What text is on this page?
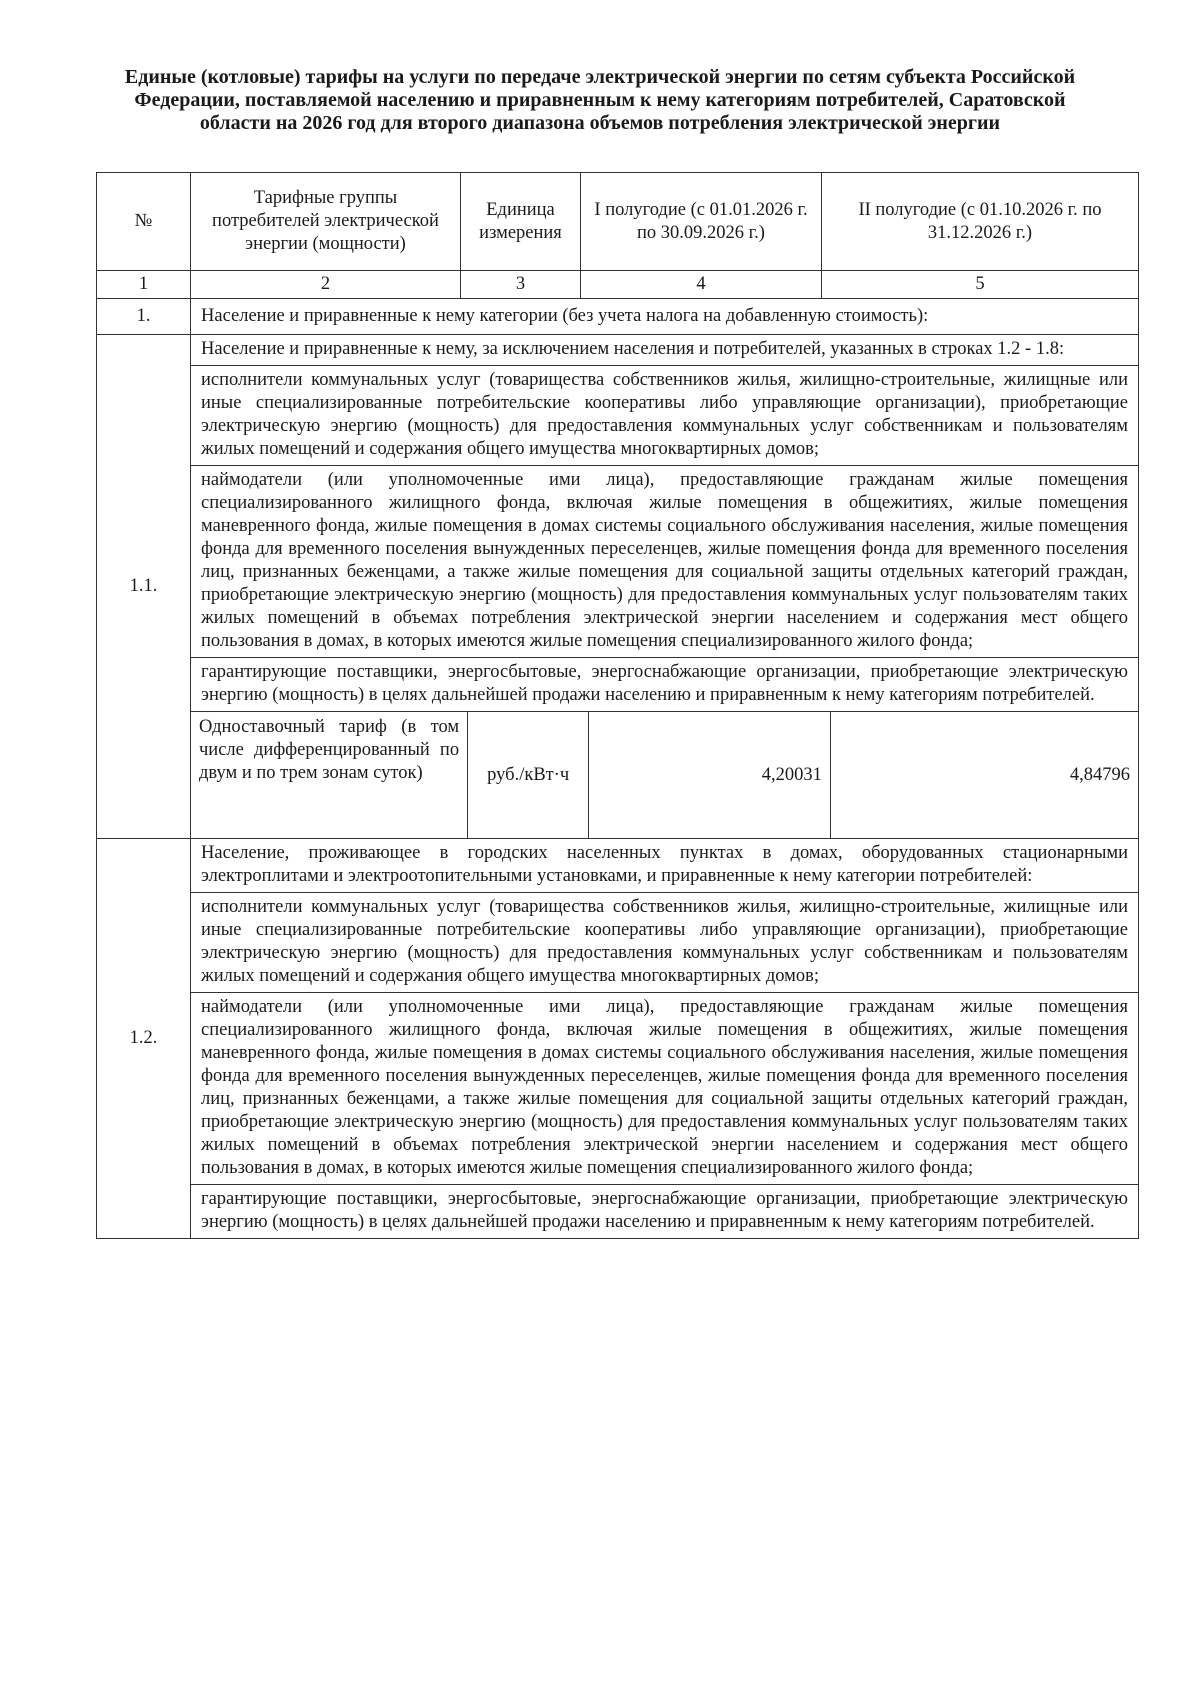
Единые (котловые) тарифы на услуги по передаче электрической энергии по сетям субъекта Российской Федерации, поставляемой населению и приравненным к нему категориям потребителей, Саратовской области на 2026 год для второго диапазона объемов потребления электрической энергии
№	Тарифные группы потребителей электрической энергии (мощности)	Единица измерения	I полугодие (с 01.01.2026 г. по 30.09.2026 г.)	II полугодие (с 01.10.2026 г. по 31.12.2026 г.)
1	2	3	4	5
1.	Население и приравненные к нему категории (без учета налога на добавленную стоимость):
1.1.	
Население и приравненные к нему, за исключением населения и потребителей, указанных в строках 1.2 - 1.8:
исполнители коммунальных услуг (товарищества собственников жилья, жилищно-строительные, жилищные или иные специализированные потребительские кооперативы либо управляющие организации), приобретающие электрическую энергию (мощность) для предоставления коммунальных услуг собственникам и пользователям жилых помещений и содержания общего имущества многоквартирных домов;
наймодатели (или уполномоченные ими лица), предоставляющие гражданам жилые помещения специализированного жилищного фонда, включая жилые помещения в общежитиях, жилые помещения маневренного фонда, жилые помещения в домах системы социального обслуживания населения, жилые помещения фонда для временного поселения вынужденных переселенцев, жилые помещения фонда для временного поселения лиц, признанных беженцами, а также жилые помещения для социальной защиты отдельных категорий граждан, приобретающие электрическую энергию (мощность) для предоставления коммунальных услуг пользователям таких жилых помещений в объемах потребления электрической энергии населением и содержания мест общего пользования в домах, в которых имеются жилые помещения специализированного жилого фонда;
гарантирующие поставщики, энергосбытовые, энергоснабжающие организации, приобретающие электрическую энергию (мощность) в целях дальнейшей продажи населению и приравненным к нему категориям потребителей.
Одноставочный тариф (в том числе дифференцированный по двум и по трем зонам суток)	руб./кВт·ч	4,20031	4,84796

1.2.	
Население, проживающее в городских населенных пунктах в домах, оборудованных стационарными электроплитами и электроотопительными установками, и приравненные к нему категории потребителей:
исполнители коммунальных услуг (товарищества собственников жилья, жилищно-строительные, жилищные или иные специализированные потребительские кооперативы либо управляющие организации), приобретающие электрическую энергию (мощность) для предоставления коммунальных услуг собственникам и пользователям жилых помещений и содержания общего имущества многоквартирных домов;
наймодатели (или уполномоченные ими лица), предоставляющие гражданам жилые помещения специализированного жилищного фонда, включая жилые помещения в общежитиях, жилые помещения маневренного фонда, жилые помещения в домах системы социального обслуживания населения, жилые помещения фонда для временного поселения вынужденных переселенцев, жилые помещения фонда для временного поселения лиц, признанных беженцами, а также жилые помещения для социальной защиты отдельных категорий граждан, приобретающие электрическую энергию (мощность) для предоставления коммунальных услуг пользователям таких жилых помещений в объемах потребления электрической энергии населением и содержания мест общего пользования в домах, в которых имеются жилые помещения специализированного жилого фонда;
гарантирующие поставщики, энергосбытовые, энергоснабжающие организации, приобретающие электрическую энергию (мощность) в целях дальнейшей продажи населению и приравненным к нему категориям потребителей.
